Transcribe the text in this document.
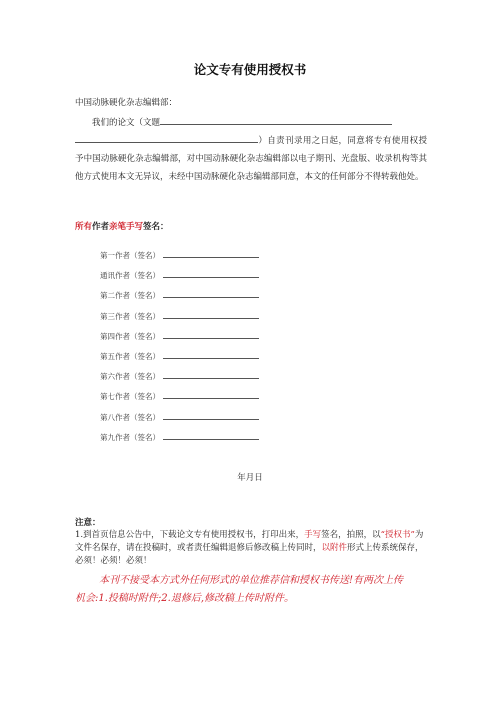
论文专有使用授权书
中国动脉硬化杂志编辑部：
我们的论文（文题
）自责刊录用之日起，同意将专有使用权授予中国动脉硬化杂志编辑部，对中国动脉硬化杂志编辑部以电子期刊、光盘版、收录机构等其他方式使用本文无异议，未经中国动脉硬化杂志编辑部同意，本文的任何部分不得转载他处。
所有作者亲笔手写签名：
第一作者（签名）
通讯作者（签名）
第二作者（签名）
第三作者（签名）
第四作者（签名）
第五作者（签名）
第六作者（签名）
第七作者（签名）
第八作者（签名）
第九作者（签名）
年月日
注意：
1.到首页信息公告中，下载论文专有使用授权书，打印出来，手写签名，拍照，以“授权书”为文件名保存，请在投稿时，或者责任编辑退修后修改稿上传同时，以附件形式上传系统保存，必须！必须！必须！
本刊不接受本方式外任何形式的单位推荐信和授权书传送!有两次上传
机会:1.投稿时附件;2.退修后,修改稿上传时附件。
